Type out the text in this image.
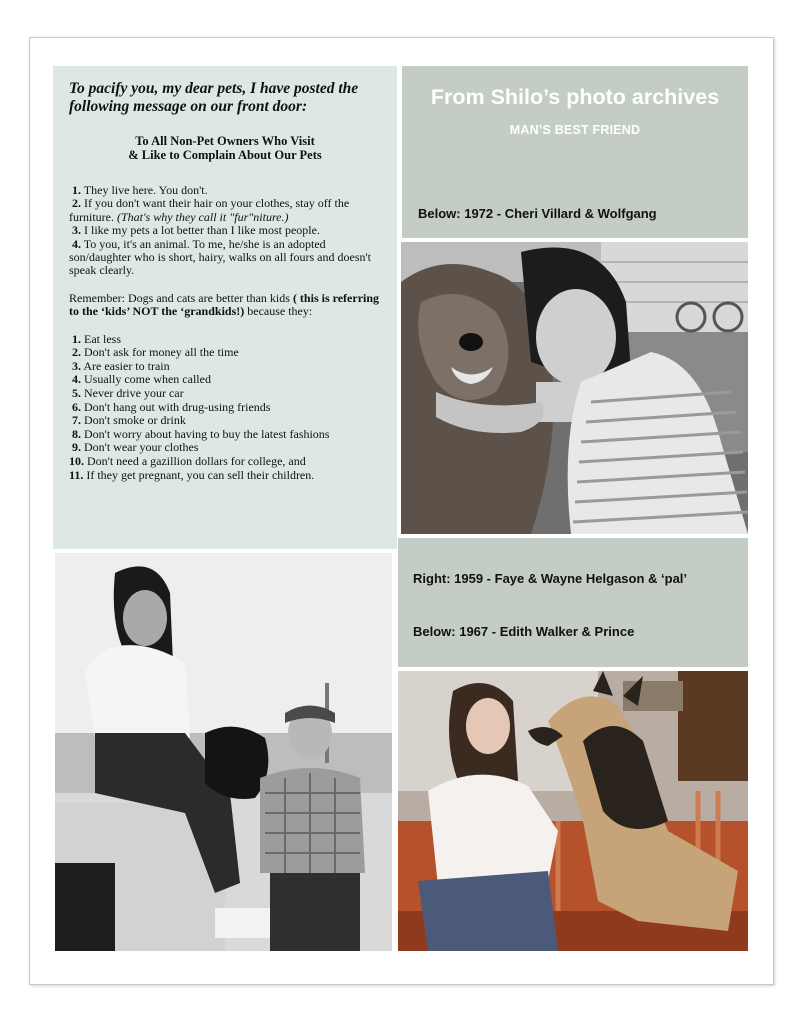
To pacify you, my dear pets, I have posted the following message on our front door:

To All Non-Pet Owners Who Visit
& Like to Complain About Our Pets
1. They live here. You don't.
2. If you don't want their hair on your clothes, stay off the furniture. (That's why they call it "fur"niture.)
3. I like my pets a lot better than I like most people.
4. To you, it's an animal. To me, he/she is an adopted son/daughter who is short, hairy, walks on all fours and doesn't speak clearly.

Remember: Dogs and cats are better than kids ( this is referring to the ‘kids’ NOT the ‘grandkids!) because they:

1. Eat less
2. Don't ask for money all the time
3. Are easier to train
4. Usually come when called
5. Never drive your car
6. Don't hang out with drug-using friends
7. Don't smoke or drink
8. Don't worry about having to buy the latest fashions
9. Don't wear your clothes
10. Don't need a gazillion dollars for college, and
11. If they get pregnant, you can sell their children.
From Shilo’s photo archives
MAN’S BEST FRIEND
Below: 1972 - Cheri Villard & Wolfgang
Right: 1959 - Faye & Wayne Helgason & ‘pal’
Below: 1967 - Edith Walker & Prince
